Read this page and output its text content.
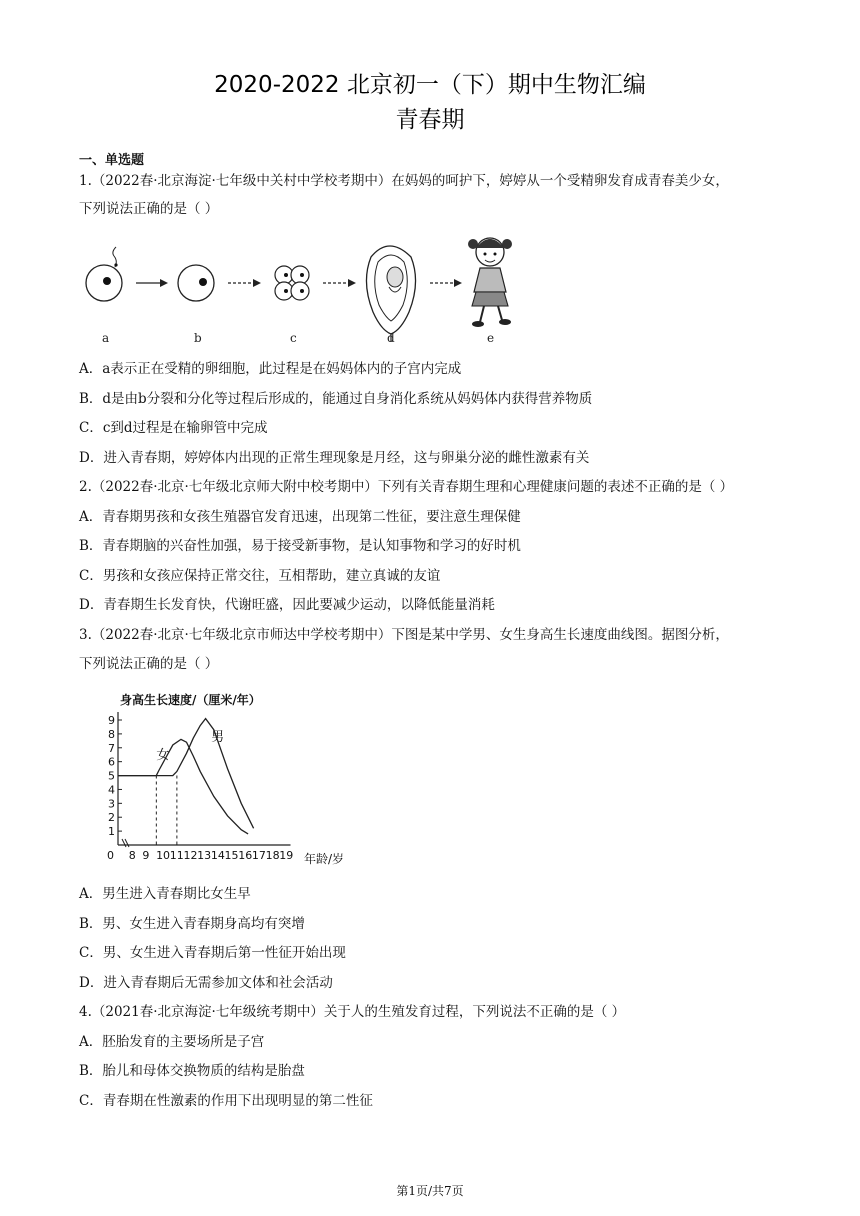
2020-2022 北京初一（下）期中生物汇编
青春期
一、单选题
1.（2022春·北京海淀·七年级中关村中学校考期中）在妈妈的呵护下，婷婷从一个受精卵发育成青春美少女，
下列说法正确的是（ ）
a	b	c	d	e
A．a表示正在受精的卵细胞，此过程是在妈妈体内的子宫内完成
B．d是由b分裂和分化等过程后形成的，能通过自身消化系统从妈妈体内获得营养物质
C．c到d过程是在输卵管中完成
D．进入青春期，婷婷体内出现的正常生理现象是月经，这与卵巢分泌的雌性激素有关
2.（2022春·北京·七年级北京师大附中校考期中）下列有关青春期生理和心理健康问题的表述不正确的是（ ）
A．青春期男孩和女孩生殖器官发育迅速，出现第二性征，要注意生理保健
B．青春期脑的兴奋性加强，易于接受新事物，是认知事物和学习的好时机
C．男孩和女孩应保持正常交往，互相帮助，建立真诚的友谊
D．青春期生长发育快，代谢旺盛，因此要减少运动，以降低能量消耗
3.（2022春·北京·七年级北京市师达中学校考期中）下图是某中学男、女生身高生长速度曲线图。据图分析，
下列说法正确的是（ ）
身高生长速度/（厘米/年）
年龄/岁
1
2
3
4
5
6
7
8
9
0 8 9 10 11 12 13 14 15 16 17 18 19
女
男
A．男生进入青春期比女生早
B．男、女生进入青春期身高均有突增
C．男、女生进入青春期后第一性征开始出现
D．进入青春期后无需参加文体和社会活动
4.（2021春·北京海淀·七年级统考期中）关于人的生殖发育过程，下列说法不正确的是（ ）
A．胚胎发育的主要场所是子宫
B．胎儿和母体交换物质的结构是胎盘
C．青春期在性激素的作用下出现明显的第二性征
第1页/共7页
